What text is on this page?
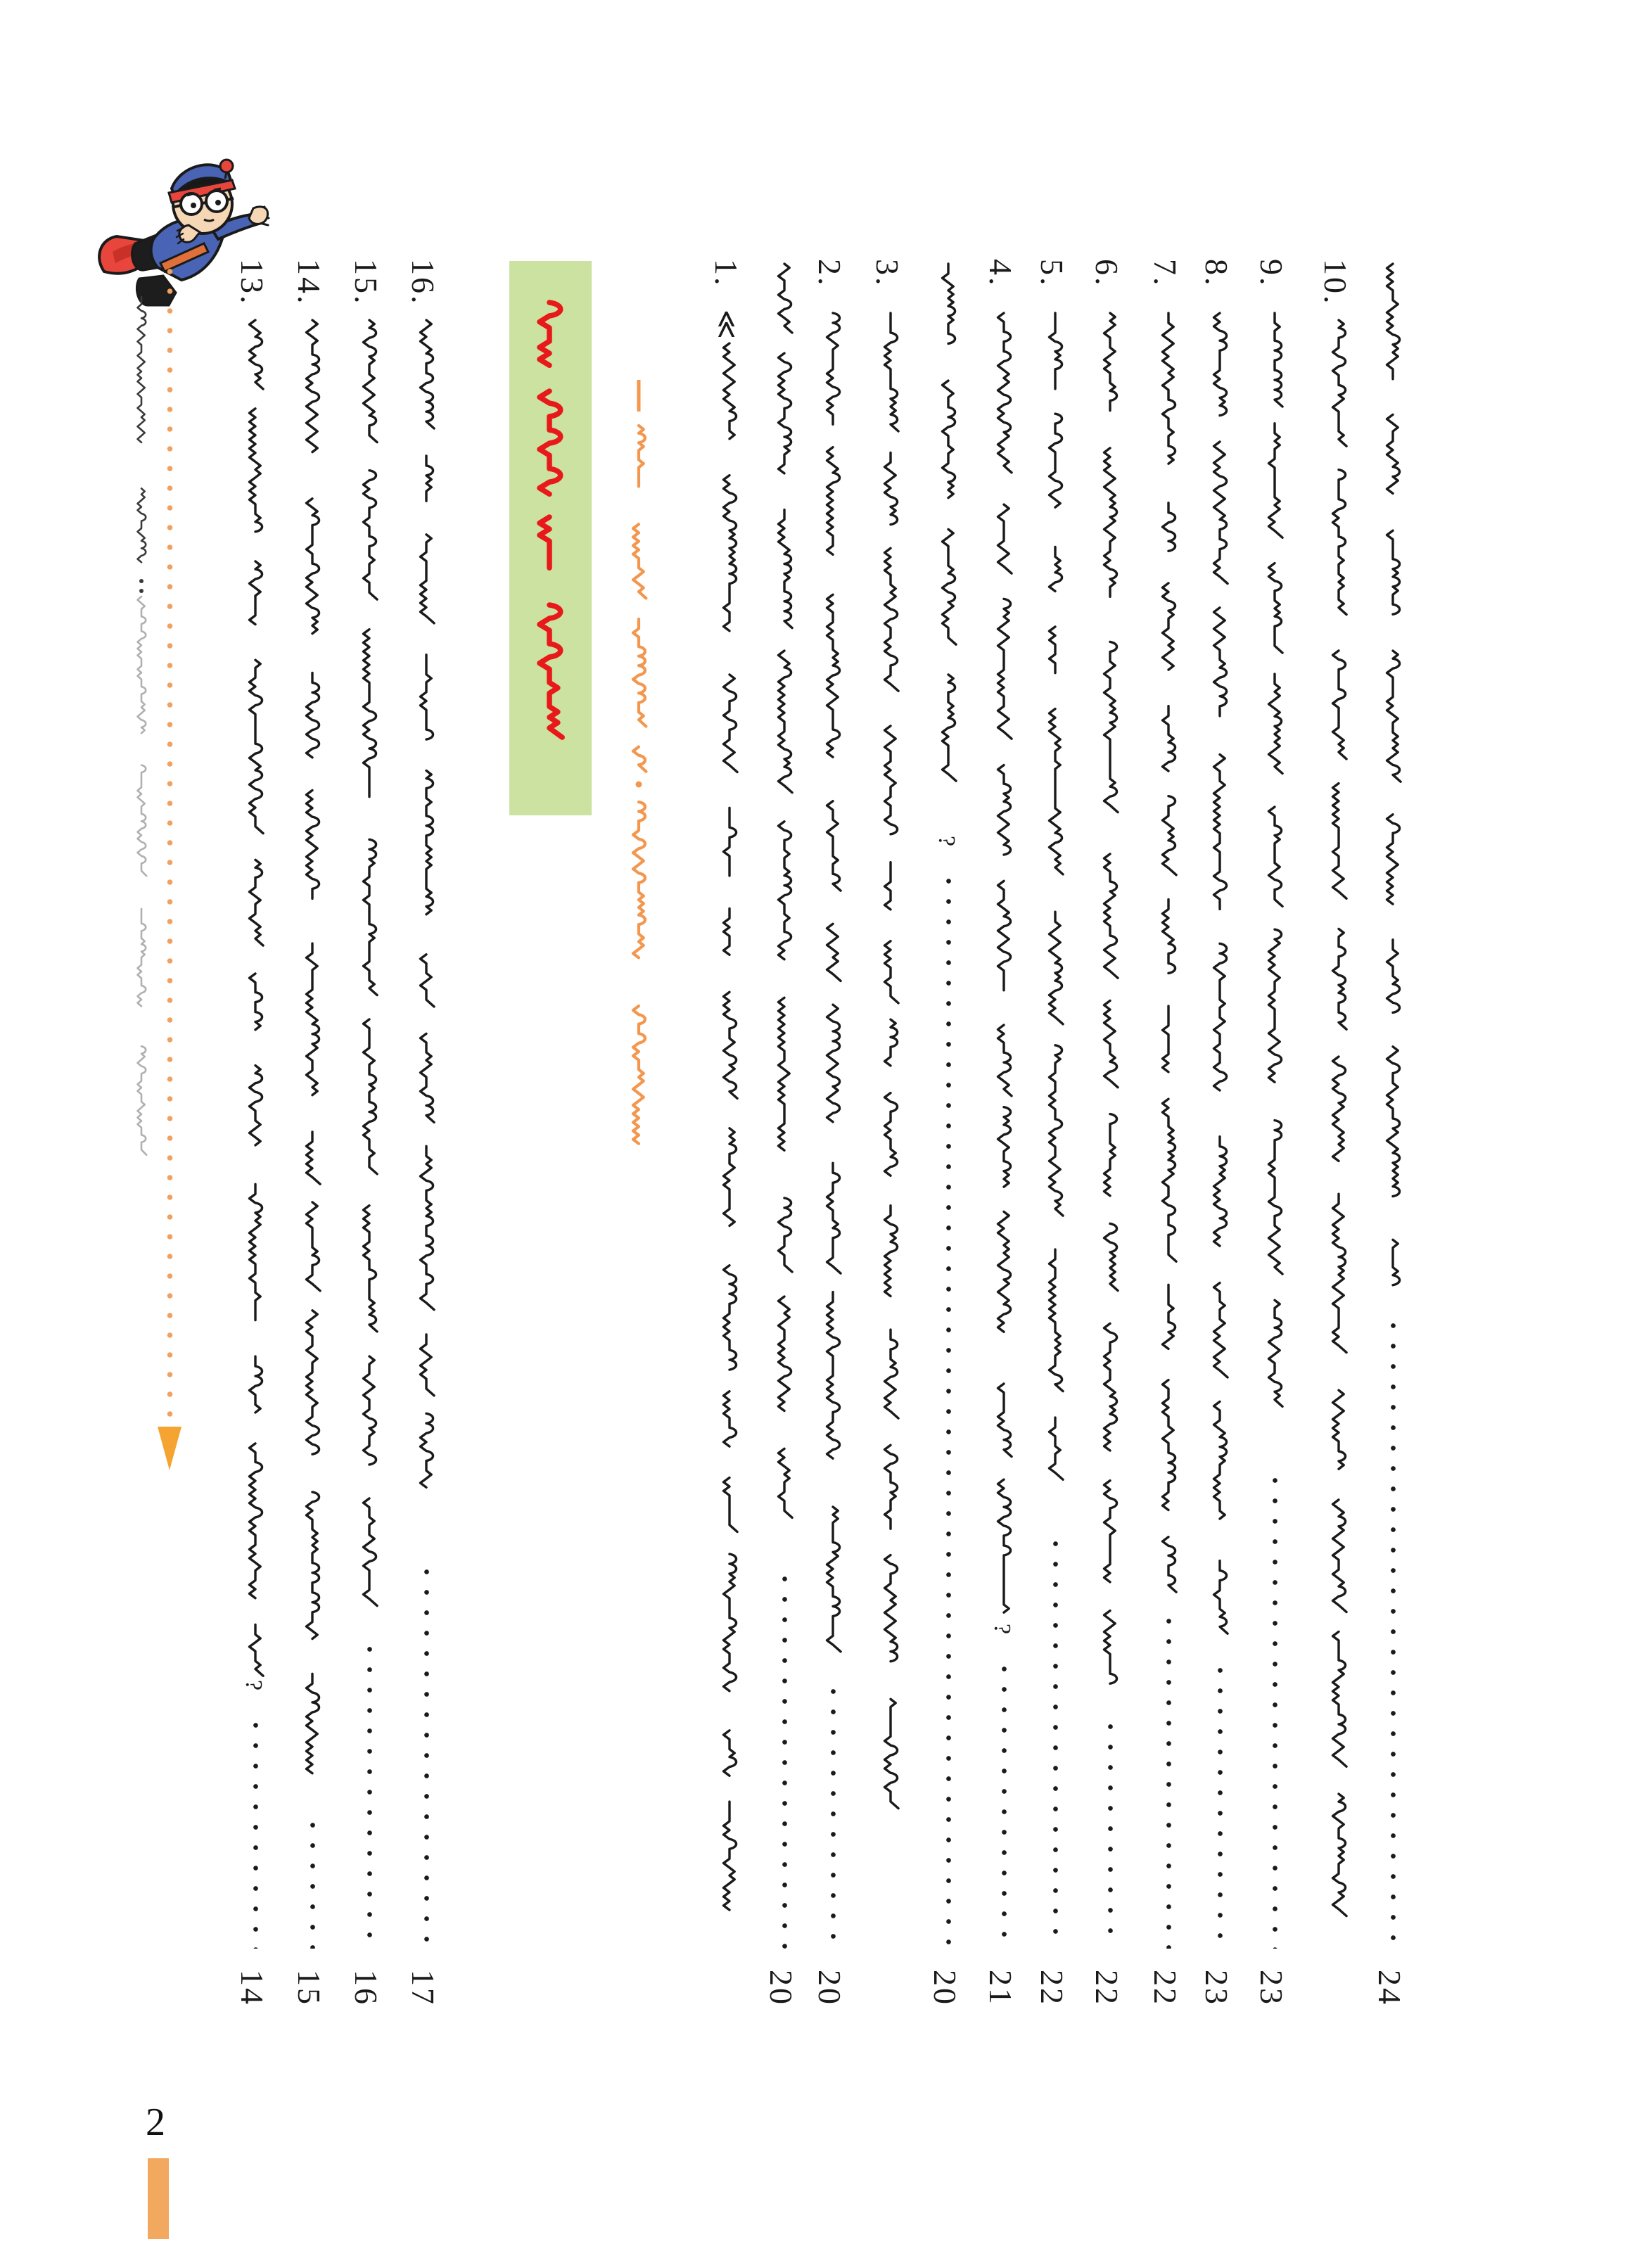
2
13.
?
14
14.
15
15.
16
16.
17
1.
≪
20
2.
20
3.
?
20
4.
?
21
5.
22
6.
22
7.
22
8.
23
9.
23
10.
24
